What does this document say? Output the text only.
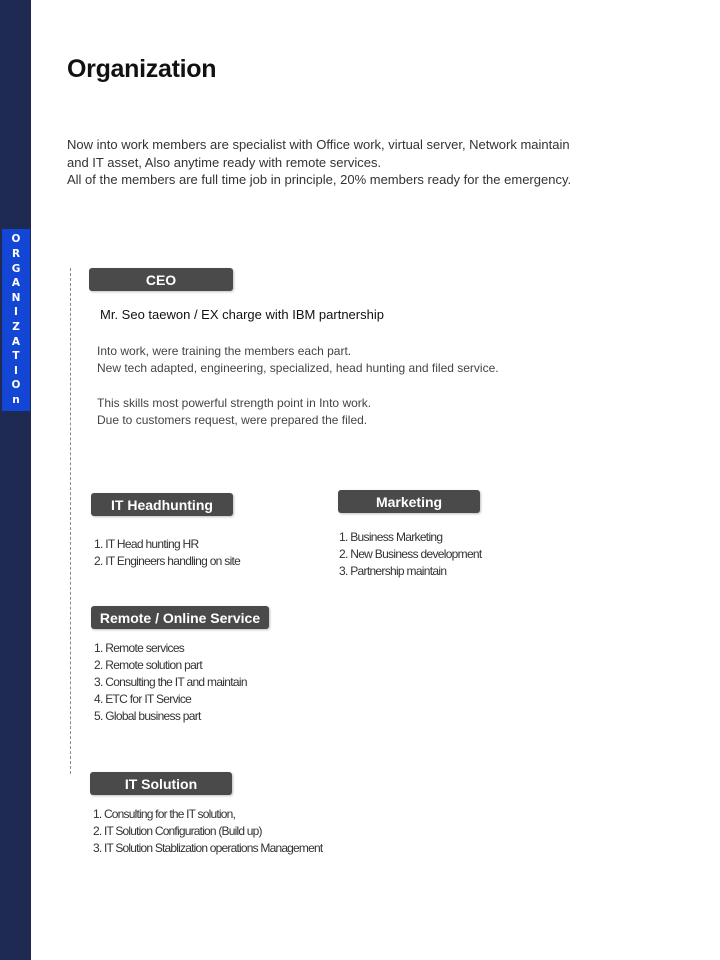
O
R
G
A
N
I
Z
A
T
I
O
n
Organization
Now into work members are specialist with Office work, virtual server, Network maintain
and IT asset, Also anytime ready with remote services.
All of the members are full time job in principle, 20% members ready for the emergency.
CEO
Mr. Seo taewon / EX charge with IBM partnership
Into work, were training the members each part.
New tech adapted, engineering, specialized, head hunting and filed service.
This skills most powerful strength point in Into work.
Due to customers request, were prepared the filed.
IT Headhunting
1. IT Head hunting HR
2. IT Engineers handling on site
Marketing
1. Business Marketing
2. New Business development
3. Partnership maintain
Remote / Online Service
1. Remote services
2. Remote solution part
3. Consulting the IT and maintain
4. ETC for IT Service
5. Global business part
IT Solution
1. Consulting for the IT solution,
2. IT Solution Configuration (Build up)
3. IT Solution Stablization operations Management
